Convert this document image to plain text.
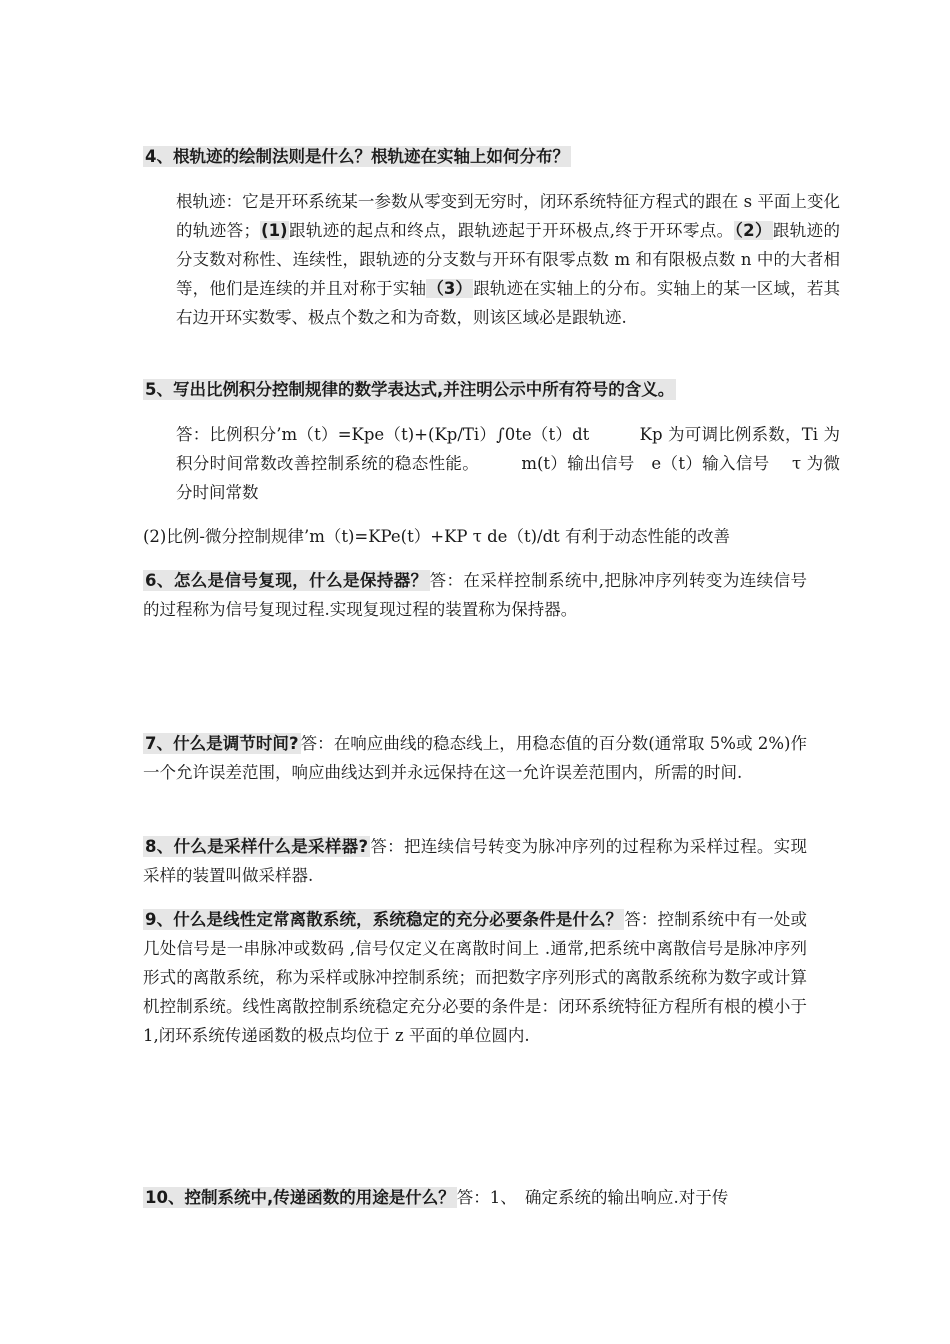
4、根轨迹的绘制法则是什么？根轨迹在实轴上如何分布？

根轨迹：它是开环系统某一参数从零变到无穷时，闭环系统特征方程式的跟在 s 平面上变化的轨迹答；(1)跟轨迹的起点和终点，跟轨迹起于开环极点,终于开环零点。（2）跟轨迹的分支数对称性、连续性，跟轨迹的分支数与开环有限零点数 m 和有限极点数 n 中的大者相等，他们是连续的并且对称于实轴（3）跟轨迹在实轴上的分布。实轴上的某一区域，若其右边开环实数零、极点个数之和为奇数，则该区域必是跟轨迹.

5、写出比例积分控制规律的数学表达式,并注明公示中所有符号的含义。

答：比例积分’m（t）=Kpe（t)+(Kp/Ti）∫0te（t）dt　　　Kp 为可调比例系数，Ti 为积分时间常数改善控制系统的稳态性能。　　　m(t）输出信号　e（t）输入信号　 τ 为微分时间常数

(2)比例-微分控制规律’m（t)=KPe(t）+KP τ de（t)/dt 有利于动态性能的改善

6、怎么是信号复现，什么是保持器？ 答：在采样控制系统中,把脉冲序列转变为连续信号的过程称为信号复现过程.实现复现过程的装置称为保持器。

7、什么是调节时间? 答：在响应曲线的稳态线上，用稳态值的百分数(通常取 5%或 2%)作一个允许误差范围，响应曲线达到并永远保持在这一允许误差范围内，所需的时间.

8、什么是采样什么是采样器? 答：把连续信号转变为脉冲序列的过程称为采样过程。实现采样的装置叫做采样器.

9、什么是线性定常离散系统，系统稳定的充分必要条件是什么？ 答：控制系统中有一处或几处信号是一串脉冲或数码 ,信号仅定义在离散时间上 .通常,把系统中离散信号是脉冲序列形式的离散系统，称为采样或脉冲控制系统；而把数字序列形式的离散系统称为数字或计算机控制系统。线性离散控制系统稳定充分必要的条件是：闭环系统特征方程所有根的模小于 1,闭环系统传递函数的极点均位于 z 平面的单位圆内.

10、控制系统中,传递函数的用途是什么？ 答：1、　确定系统的输出响应.对于传
